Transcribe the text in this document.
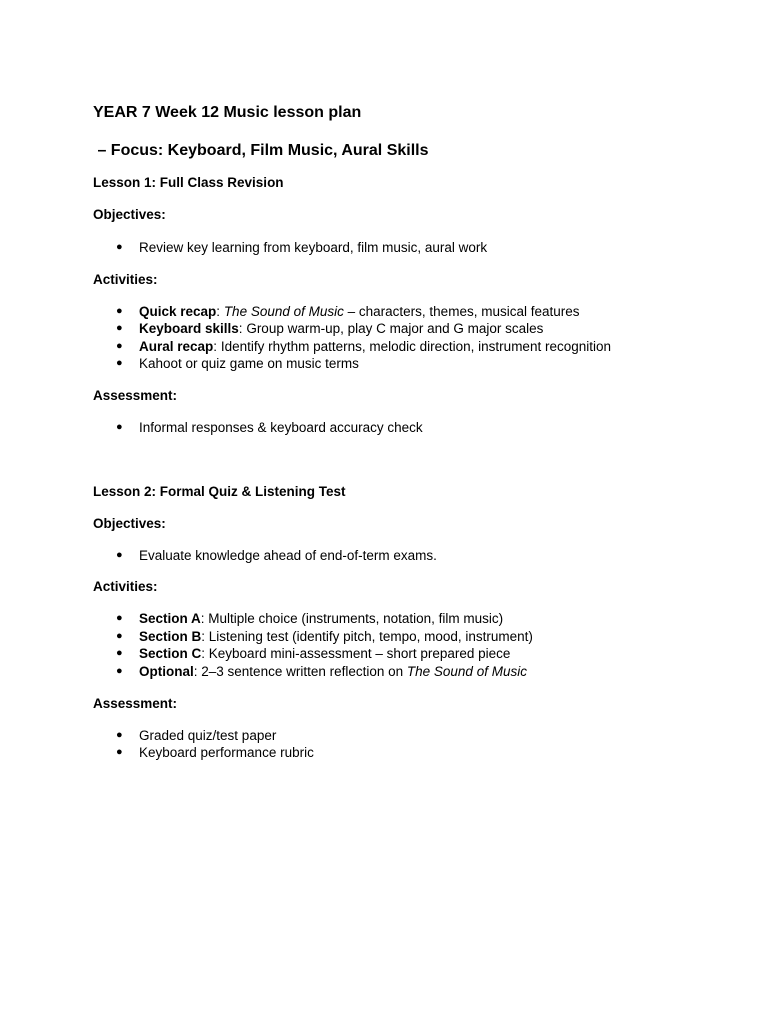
YEAR 7 Week 12 Music lesson plan
– Focus: Keyboard, Film Music, Aural Skills
Lesson 1: Full Class Revision
Objectives:
● Review key learning from keyboard, film music, aural work
Activities:
● Quick recap: The Sound of Music – characters, themes, musical features
● Keyboard skills: Group warm-up, play C major and G major scales
● Aural recap: Identify rhythm patterns, melodic direction, instrument recognition
● Kahoot or quiz game on music terms
Assessment:
● Informal responses & keyboard accuracy check
Lesson 2: Formal Quiz & Listening Test
Objectives:
● Evaluate knowledge ahead of end-of-term exams.
Activities:
● Section A: Multiple choice (instruments, notation, film music)
● Section B: Listening test (identify pitch, tempo, mood, instrument)
● Section C: Keyboard mini-assessment – short prepared piece
● Optional: 2–3 sentence written reflection on The Sound of Music
Assessment:
● Graded quiz/test paper
● Keyboard performance rubric
